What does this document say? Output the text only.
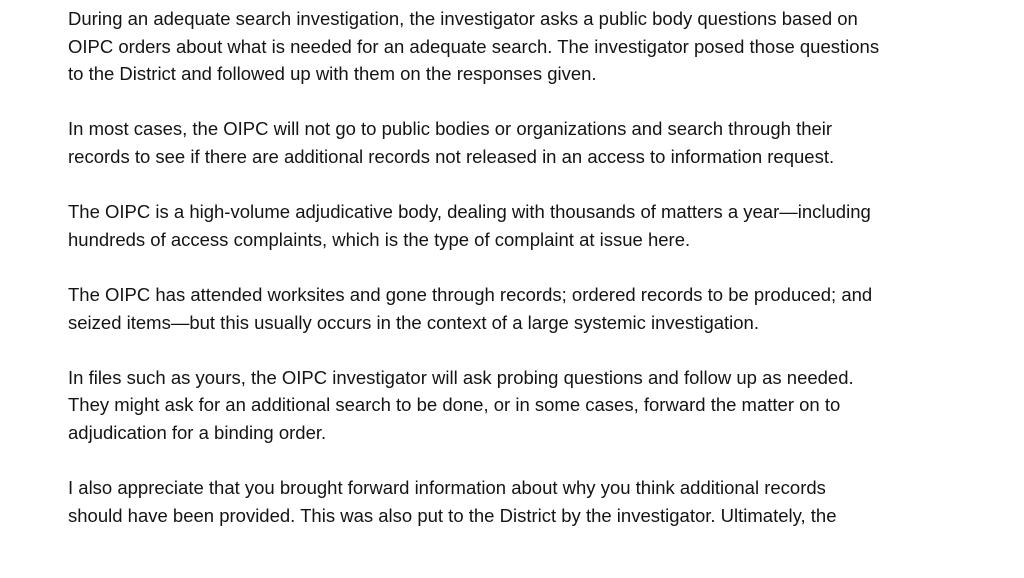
During an adequate search investigation, the investigator asks a public body questions based on
OIPC orders about what is needed for an adequate search. The investigator posed those questions
to the District and followed up with them on the responses given.

In most cases, the OIPC will not go to public bodies or organizations and search through their
records to see if there are additional records not released in an access to information request.

The OIPC is a high-volume adjudicative body, dealing with thousands of matters a year—including
hundreds of access complaints, which is the type of complaint at issue here.

The OIPC has attended worksites and gone through records; ordered records to be produced; and
seized items—but this usually occurs in the context of a large systemic investigation.

In files such as yours, the OIPC investigator will ask probing questions and follow up as needed.
They might ask for an additional search to be done, or in some cases, forward the matter on to
adjudication for a binding order.

I also appreciate that you brought forward information about why you think additional records
should have been provided. This was also put to the District by the investigator. Ultimately, the
